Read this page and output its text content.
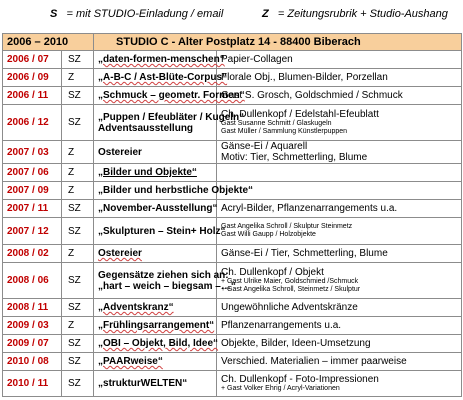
S = mit STUDIO-Einladung / email	Z = Zeitungsrubrik + Studio-Aushang
2006 – 2010		STUDIO C - Alter Postplatz 14 - 88400 Biberach	
2006 / 07	SZ	„daten-formen-menschen“	Papier-Collagen

2006 / 09	Z	„A-B-C / Ast-Blüte-Corpus“	Florale Obj., Blumen-Bilder, Porzellan

2006 / 11	SZ	„Schmuck – geometr. Formen“	Gast S. Grosch, Goldschmied / Schmuck

2006 / 12	SZ	„Puppen / Efeubläter / Kugeln“
Adventsausstellung	Ch. Dullenkopf / Edelstahl-Efeublatt
Gast Susanne Schmitt / Glaskugeln
Gast Müller / Sammlung Künstlerpuppen

2007 / 03	Z	Ostereier	Gänse-Ei / Aquarell
Motiv: Tier, Schmetterling, Blume

2007 / 06	Z	„Bilder und Objekte“	

2007 / 09	Z	„Bilder und herbstliche Objekte“	

2007 / 11	SZ	„November-Ausstellung“	Acryl-Bilder, Pflanzenarrangements u.a.

2007 / 12	SZ	„Skulpturen – Stein+ Holz“	Gast Angelika Schroll / Skulptur Steinmetz
Gast Willi Gaupp / Holzobjekte

2008 / 02	Z	Ostereier	Gänse-Ei / Tier, Schmetterling, Blume

2008 / 06	SZ	Gegensätze ziehen sich an:
„hart – weich – biegsam –…“	Ch. Dullenkopf / Objekt
+ Gast Ulrike Maier, Goldschmied /Schmuck
+ Gast Angelika Schroll, Steinmetz / Skulptur

2008 / 11	SZ	„Adventskranz“	Ungewöhnliche Adventskränze

2009 / 03	Z	„Frühlingsarrangement“	Pflanzenarrangements u.a.

2009 / 07	SZ	„OBI – Objekt, Bild, Idee“	Objekte, Bilder, Ideen-Umsetzung

2010 / 08	SZ	„PAARweise“	Verschied. Materialien – immer paarweise

2010 / 11	SZ	„strukturWELTEN“	Ch. Dullenkopf - Foto-Impressionen
+ Gast Volker Ehrig / Acryl-Variationen
